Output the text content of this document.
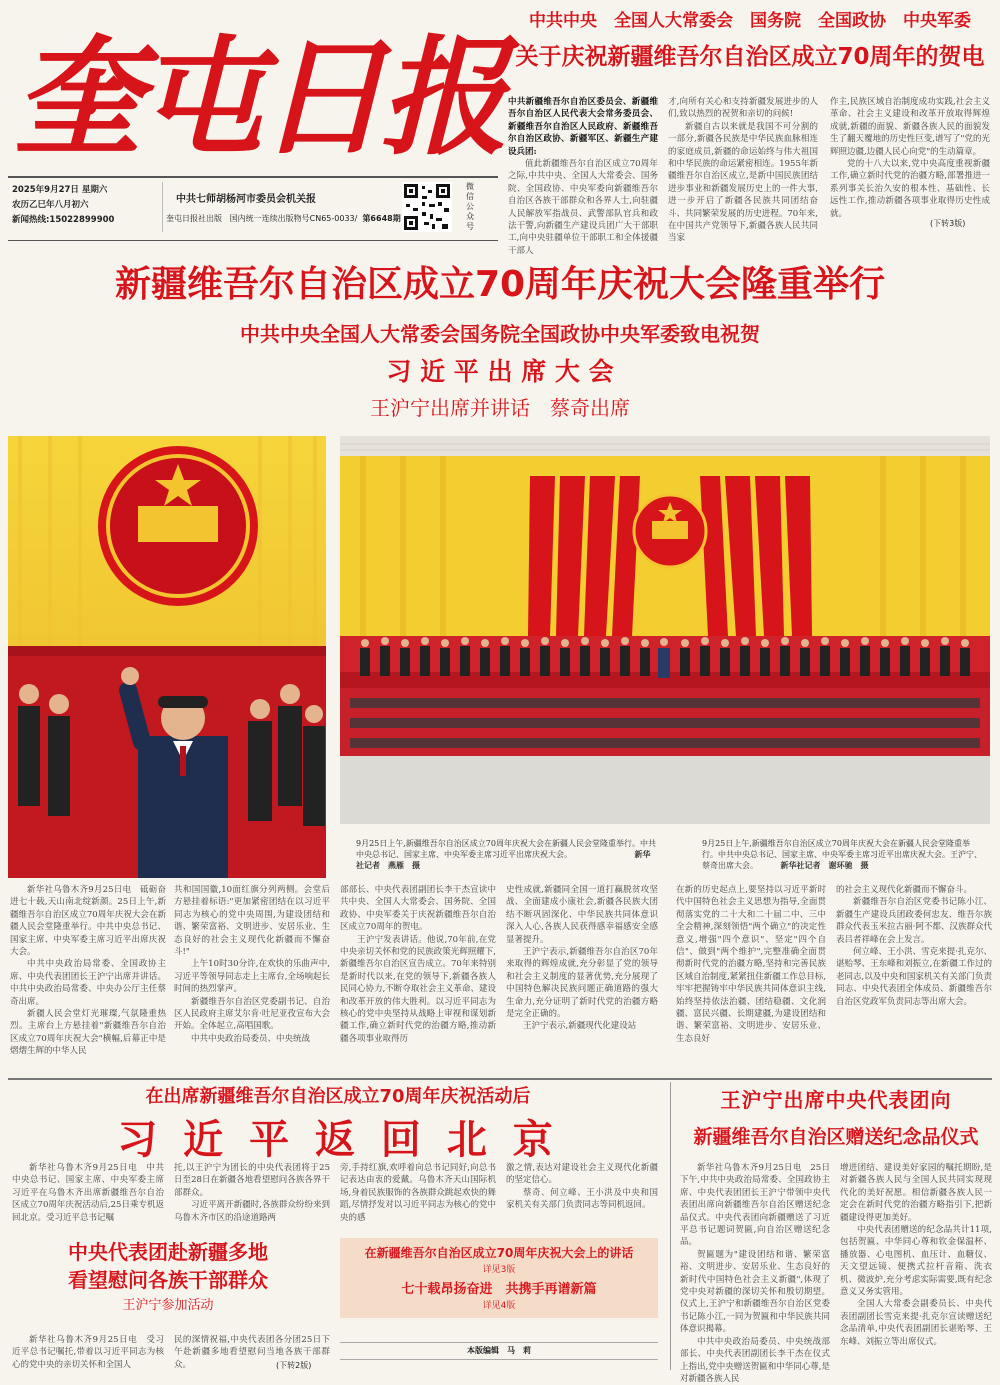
奎屯日报
2025年9月27日 星期六
农历乙巳年八月初六
新闻热线:15022899900
中共七师胡杨河市委员会机关报
奎屯日报社出版 国内统一连续出版物号CN65-0033/ 第6648期
微信公众号
中共中央　全国人大常委会　国务院　全国政协　中央军委
关于庆祝新疆维吾尔自治区成立70周年的贺电

中共新疆维吾尔自治区委员会、新疆维吾尔自治区人民代表大会常务委员会、新疆维吾尔自治区人民政府、新疆维吾尔自治区政协、新疆军区、新疆生产建设兵团:

值此新疆维吾尔自治区成立70周年之际,中共中央、全国人大常委会、国务院、全国政协、中央军委向新疆维吾尔自治区各族干部群众和各界人士,向驻疆人民解放军指战员、武警部队官兵和政法干警,向新疆生产建设兵团广大干部职工,向中央驻疆单位干部职工和全体援疆干部人

才,向所有关心和支持新疆发展进步的人们,致以热烈的祝贺和亲切的问候!

新疆自古以来就是我国不可分割的一部分,新疆各民族是中华民族血脉相连的家庭成员,新疆的命运始终与伟大祖国和中华民族的命运紧密相连。1955年新疆维吾尔自治区成立,是新中国民族团结进步事业和新疆发展历史上的一件大事,进一步开启了新疆各民族共同团结奋斗、共同繁荣发展的历史进程。70年来,在中国共产党领导下,新疆各族人民共同当家

作主,民族区域自治制度成功实践,社会主义革命、社会主义建设和改革开放取得辉煌成就,新疆的面貌、新疆各族人民的面貌发生了翻天覆地的历史性巨变,谱写了"党的光辉照边疆,边疆人民心向党"的生动篇章。

党的十八大以来,党中央高度重视新疆工作,确立新时代党的治疆方略,部署推进一系列事关长治久安的根本性、基础性、长远性工作,推动新疆各项事业取得历史性成就。

(下转3版)
新疆维吾尔自治区成立70周年庆祝大会隆重举行
中共中央全国人大常委会国务院全国政协中央军委致电祝贺
习 近 平 出 席 大 会
王沪宁出席并讲话　蔡奇出席
9月25日上午,新疆维吾尔自治区成立70周年庆祝大会在新疆人民会堂隆重举行。中共中央总书记、国家主席、中央军委主席习近平出席庆祝大会。	新华社记者　燕雁　摄
9月25日上午,新疆维吾尔自治区成立70周年庆祝大会在新疆人民会堂隆重举行。中共中央总书记、国家主席、中央军委主席习近平出席庆祝大会。王沪宁、蔡奇出席大会。	新华社记者　谢环驰　摄

新华社乌鲁木齐9月25日电　砥砺奋进七十载,天山南北绽新颜。25日上午,新疆维吾尔自治区成立70周年庆祝大会在新疆人民会堂隆重举行。中共中央总书记、国家主席、中央军委主席习近平出席庆祝大会。

中共中央政治局常委、全国政协主席、中央代表团团长王沪宁出席并讲话。中共中央政治局常委、中央办公厅主任蔡奇出席。

新疆人民会堂灯光璀璨,气氛隆重热烈。主席台上方悬挂着"新疆维吾尔自治区成立70周年庆祝大会"横幅,后幕正中是熠熠生辉的中华人民

共和国国徽,10面红旗分列两侧。会堂后方悬挂着标语:"更加紧密团结在以习近平同志为核心的党中央周围,为建设团结和谐、繁荣富裕、文明进步、安居乐业、生态良好的社会主义现代化新疆而不懈奋斗!"

上午10时30分许,在欢快的乐曲声中,习近平等领导同志走上主席台,全场响起长时间的热烈掌声。

新疆维吾尔自治区党委副书记、自治区人民政府主席艾尔肯·吐尼亚孜宣布大会开始。全体起立,高唱国歌。

中共中央政治局委员、中央统战

部部长、中央代表团副团长李干杰宣读中共中央、全国人大常委会、国务院、全国政协、中央军委关于庆祝新疆维吾尔自治区成立70周年的贺电。

王沪宁发表讲话。他说,70年前,在党中央亲切关怀和党的民族政策光辉照耀下,新疆维吾尔自治区宣告成立。70年来特别是新时代以来,在党的领导下,新疆各族人民同心协力,不断夺取社会主义革命、建设和改革开放的伟大胜利。以习近平同志为核心的党中央坚持从战略上审视和谋划新疆工作,确立新时代党的治疆方略,推动新疆各项事业取得历

史性成就,新疆同全国一道打赢脱贫攻坚战、全面建成小康社会,新疆各民族大团结不断巩固深化、中华民族共同体意识深入人心,各族人民获得感幸福感安全感显著提升。

王沪宁表示,新疆维吾尔自治区70年来取得的辉煌成就,充分彰显了党的领导和社会主义制度的显著优势,充分展现了中国特色解决民族问题正确道路的强大生命力,充分证明了新时代党的治疆方略是完全正确的。

王沪宁表示,新疆现代化建设站

在新的历史起点上,要坚持以习近平新时代中国特色社会主义思想为指导,全面贯彻落实党的二十大和二十届二中、三中全会精神,深刻领悟"两个确立"的决定性意义,增强"四个意识"、坚定"四个自信"、做到"两个维护",完整准确全面贯彻新时代党的治疆方略,坚持和完善民族区域自治制度,紧紧扭住新疆工作总目标,牢牢把握铸牢中华民族共同体意识主线,始终坚持依法治疆、团结稳疆、文化润疆、富民兴疆、长期建疆,为建设团结和谐、繁荣富裕、文明进步、安居乐业、生态良好

的社会主义现代化新疆而不懈奋斗。

新疆维吾尔自治区党委书记陈小江、新疆生产建设兵团政委何忠友、维吾尔族群众代表玉米拉古丽·阿不都、汉族群众代表吕者祥峰在会上发言。

何立峰、王小洪、雪克来提·扎克尔、谌贻琴、王东峰和刘振立,在新疆工作过的老同志,以及中央和国家机关有关部门负责同志、中央代表团全体成员、新疆维吾尔自治区党政军负责同志等出席大会。

在出席新疆维吾尔自治区成立70周年庆祝活动后
习 近 平 返 回 北 京

新华社乌鲁木齐9月25日电　中共中央总书记、国家主席、中央军委主席习近平在乌鲁木齐出席新疆维吾尔自治区成立70周年庆祝活动后,25日乘专机返回北京。受习近平总书记嘱

托,以王沪宁为团长的中央代表团将于25日至28日在新疆各地看望慰问各族各界干部群众。

习近平离开新疆时,各族群众纷纷来到乌鲁木齐市区的沿途道路两

旁,手持红旗,欢呼着向总书记同好,向总书记表达由衷的爱戴。乌鲁木齐天山国际机场,身着民族服饰的各族群众跳起欢快的舞蹈,尽情抒发对以习近平同志为核心的党中央的感

激之情,表达对建设社会主义现代化新疆的坚定信心。

蔡奇、何立峰、王小洪及中央和国家机关有关部门负责同志等同机返回。

中央代表团赴新疆多地
看望慰问各族干部群众
王沪宁参加活动

新华社乌鲁木齐9月25日电　受习近平总书记嘱托,带着以习近平同志为核心的党中央的亲切关怀和全国人

民的深情祝福,中央代表团各分团25日下午赴新疆多地看望慰问当地各族干部群众。	(下转2版)
在新疆维吾尔自治区成立70周年庆祝大会上的讲话
详见3版
七十载昂扬奋进　共携手再谱新篇
详见4版
本版编辑　马　莉
王沪宁出席中央代表团向
新疆维吾尔自治区赠送纪念品仪式

新华社乌鲁木齐9月25日电　25日下午,中共中央政治局常委、全国政协主席、中央代表团团长王沪宁带领中央代表团出席向新疆维吾尔自治区赠送纪念品仪式。中央代表团向新疆赠送了习近平总书记题词贺匾,向自治区赠送纪念品。

贺匾题为"建设团结和谐、繁荣富裕、文明进步、安居乐业、生态良好的新时代中国特色社会主义新疆",体现了党中央对新疆的深切关怀和殷切期望。仪式上,王沪宁和新疆维吾尔自治区党委书记陈小江,一同为贺匾和中华民族共同体意识揭幕。

中共中央政治局委员、中央统战部部长、中央代表团副团长李干杰在仪式上指出,党中央赠送贺匾和中华同心尊,是对新疆各族人民

增进团结、建设美好家园的嘱托期盼,是对新疆各族人民与全国人民共同实现现代化的美好祝愿。相信新疆各族人民一定会在新时代党的治疆方略指引下,把新疆建设得更加美好。

中央代表团赠送的纪念品共计11项,包括贺匾、中华同心尊和钦金保温杯、播放器、心电图机、血压计、血糖仪、天文望远镜、便携式拉杆音箱、洗衣机、微波炉,充分考虑实际需要,既有纪念意义又务实管用。

全国人大常委会副委员长、中央代表团副团长雪克来提·扎克尔宣读赠送纪念品清单,中央代表团副团长谌贻琴、王东峰、刘振立等出席仪式。
